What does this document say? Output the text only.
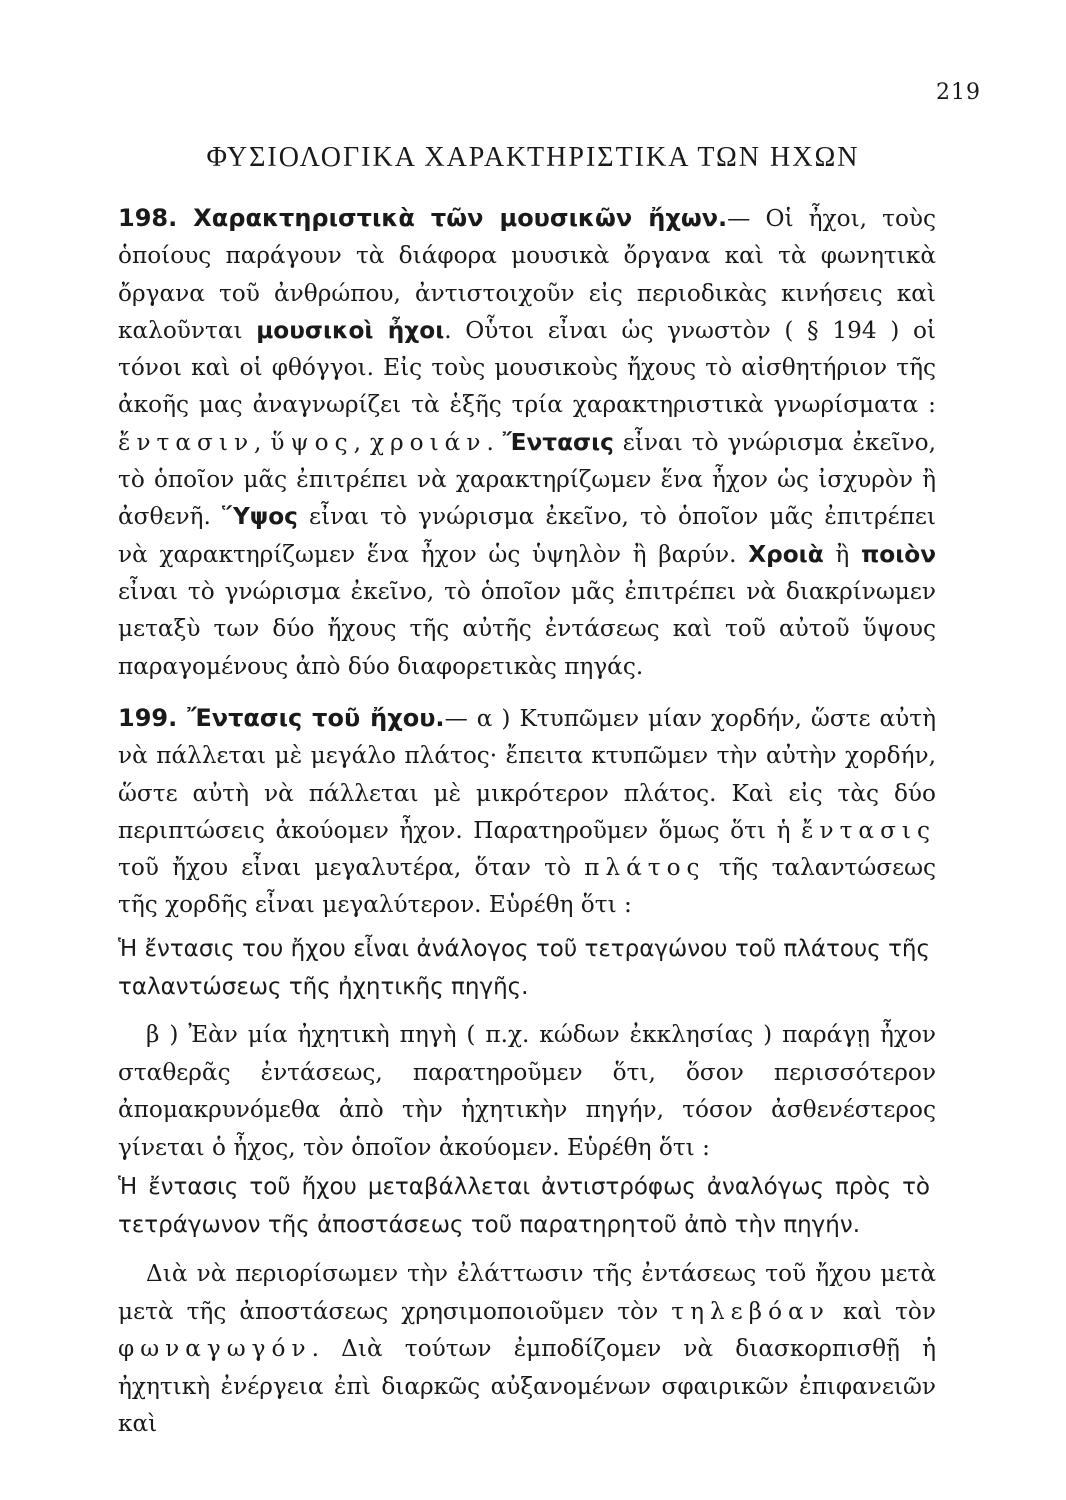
219
ΦΥΣΙΟΛΟΓΙΚΑ ΧΑΡΑΚΤΗΡΙΣΤΙΚΑ ΤΩΝ ΗΧΩΝ

198. Χαρακτηριστικὰ τῶν μουσικῶν ἤχων.— Οἱ ἦχοι, τοὺς ὁποίους παράγουν τὰ διάφορα μουσικὰ ὄργανα καὶ τὰ φωνητικὰ ὄργανα τοῦ ἀνθρώπου, ἀντιστοιχοῦν εἰς περιοδικὰς κινήσεις καὶ καλοῦνται μουσικοὶ ἦχοι. Οὗτοι εἶναι ὡς γνωστὸν ( § 194 ) οἱ τόνοι καὶ οἱ φθόγγοι. Εἰς τοὺς μουσικοὺς ἤχους τὸ αἰσθητήριον τῆς ἀκοῆς μας ἀναγνωρίζει τὰ ἑξῆς τρία χαρακτηριστικὰ γνωρίσματα : ἔντασιν, ὕψος, χροιάν. Ἔντασις εἶναι τὸ γνώρισμα ἐκεῖνο, τὸ ὁποῖον μᾶς ἐπιτρέπει νὰ χαρακτηρίζωμεν ἕνα ἦχον ὡς ἰσχυρὸν ἢ ἀσθενῆ. Ὕψος εἶναι τὸ γνώρισμα ἐκεῖνο, τὸ ὁποῖον μᾶς ἐπιτρέπει νὰ χαρακτηρίζωμεν ἕνα ἦχον ὡς ὑψηλὸν ἢ βαρύν. Χροιὰ ἢ ποιὸν εἶναι τὸ γνώρισμα ἐκεῖνο, τὸ ὁποῖον μᾶς ἐπιτρέπει νὰ διακρίνωμεν μεταξὺ των δύο ἤχους τῆς αὐτῆς ἐντάσεως καὶ τοῦ αὐτοῦ ὕψους παραγομένους ἀπὸ δύο διαφορετικὰς πηγάς.

199. Ἔντασις τοῦ ἤχου.— α ) Κτυπῶμεν μίαν χορδήν, ὥστε αὐτὴ νὰ πάλλεται μὲ μεγάλο πλάτος· ἔπειτα κτυπῶμεν τὴν αὐτὴν χορδήν, ὥστε αὐτὴ νὰ πάλλεται μὲ μικρότερον πλάτος. Καὶ εἰς τὰς δύο περιπτώσεις ἀκούομεν ἦχον. Παρατηροῦμεν ὅμως ὅτι ἡ ἔντασις τοῦ ἤχου εἶναι μεγαλυτέρα, ὅταν τὸ πλάτος τῆς ταλαντώσεως τῆς χορδῆς εἶναι μεγαλύτερον. Εὑρέθη ὅτι :

Ἡ ἔντασις του ἤχου εἶναι ἀνάλογος τοῦ τετραγώνου τοῦ πλάτους τῆς ταλαντώσεως τῆς ἠχητικῆς πηγῆς.

β ) Ἐὰν μία ἠχητικὴ πηγὴ ( π.χ. κώδων ἐκκλησίας ) παράγῃ ἦχον σταθερᾶς ἐντάσεως, παρατηροῦμεν ὅτι, ὅσον περισσότερον ἀπομακρυνόμεθα ἀπὸ τὴν ἠχητικὴν πηγήν, τόσον ἀσθενέστερος γίνεται ὁ ἦχος, τὸν ὁποῖον ἀκούομεν. Εὑρέθη ὅτι :

Ἡ ἔντασις τοῦ ἤχου μεταβάλλεται ἀντιστρόφως ἀναλόγως πρὸς τὸ τετράγωνον τῆς ἀποστάσεως τοῦ παρατηρητοῦ ἀπὸ τὴν πηγήν.

Διὰ νὰ περιορίσωμεν τὴν ἐλάττωσιν τῆς ἐντάσεως τοῦ ἤχου μετὰ μετὰ τῆς ἀποστάσεως χρησιμοποιοῦμεν τὸν τηλεβόαν καὶ τὸν φωναγωγόν. Διὰ τούτων ἐμποδίζομεν νὰ διασκορπισθῇ ἡ ἠχητικὴ ἐνέργεια ἐπὶ διαρκῶς αὐξανομένων σφαιρικῶν ἐπιφανειῶν καὶ
